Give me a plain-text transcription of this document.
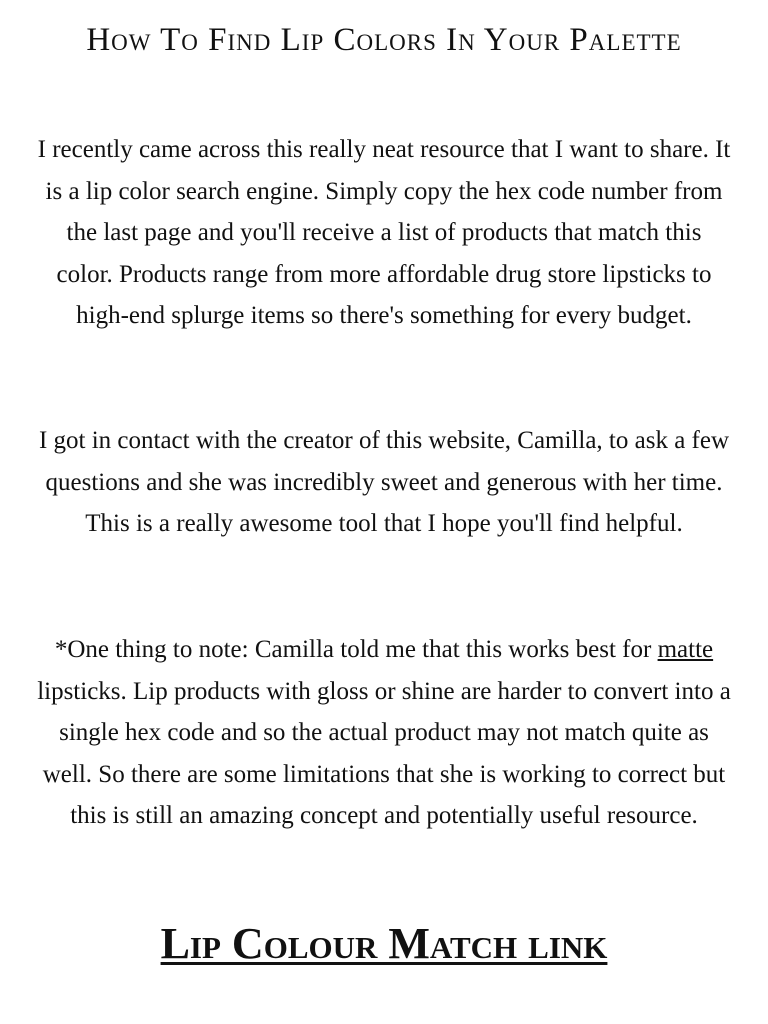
How To Find Lip Colors In Your Palette

I recently came across this really neat resource that I want to share. It is a lip color search engine. Simply copy the hex code number from the last page and you'll receive a list of products that match this color. Products range from more affordable drug store lipsticks to high-end splurge items so there's something for every budget.

I got in contact with the creator of this website, Camilla, to ask a few questions and she was incredibly sweet and generous with her time. This is a really awesome tool that I hope you'll find helpful.

*One thing to note: Camilla told me that this works best for matte lipsticks. Lip products with gloss or shine are harder to convert into a single hex code and so the actual product may not match quite as well. So there are some limitations that she is working to correct but this is still an amazing concept and potentially useful resource.

Lip Colour Match link
